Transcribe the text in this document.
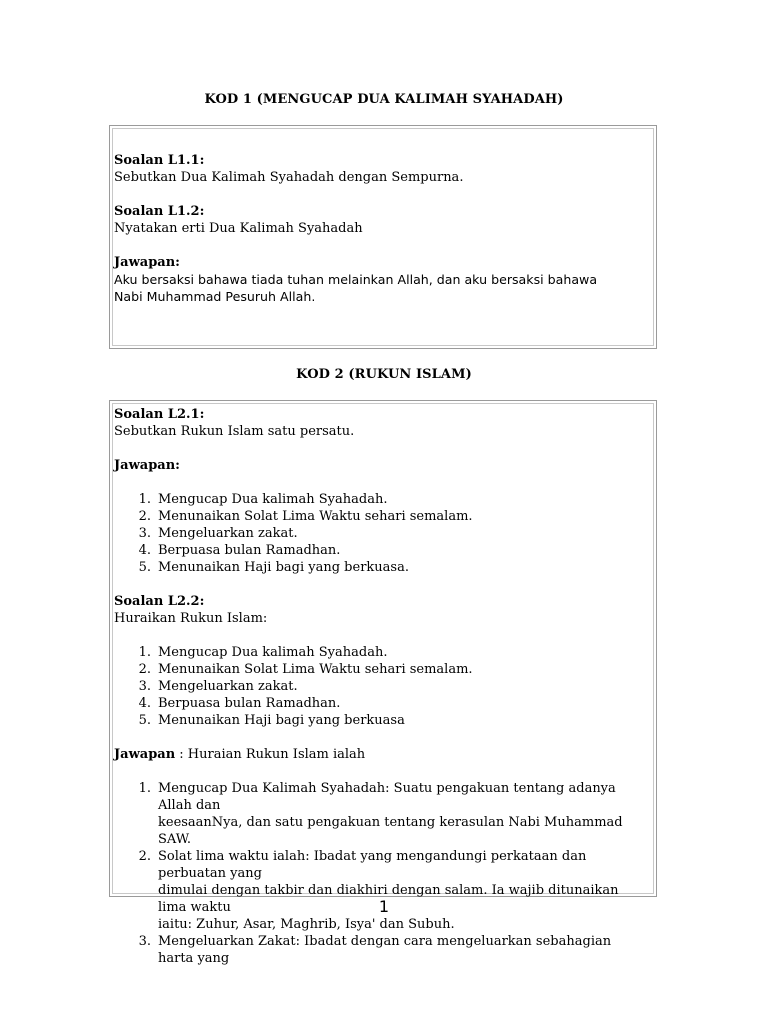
KOD 1 (MENGUCAP DUA KALIMAH SYAHADAH)
Soalan L1.1:
Sebutkan Dua Kalimah Syahadah dengan Sempurna.
Soalan L1.2:
Nyatakan erti Dua Kalimah Syahadah
Jawapan:
Aku bersaksi bahawa tiada tuhan melainkan Allah, dan aku bersaksi bahawa
Nabi Muhammad Pesuruh Allah.
KOD 2 (RUKUN ISLAM)
Soalan L2.1:
Sebutkan Rukun Islam satu persatu.
Jawapan:
1. Mengucap Dua kalimah Syahadah.
2. Menunaikan Solat Lima Waktu sehari semalam.
3. Mengeluarkan zakat.
4. Berpuasa bulan Ramadhan.
5. Menunaikan Haji bagi yang berkuasa.
Soalan L2.2:
Huraikan Rukun Islam:
1. Mengucap Dua kalimah Syahadah.
2. Menunaikan Solat Lima Waktu sehari semalam.
3. Mengeluarkan zakat.
4. Berpuasa bulan Ramadhan.
5. Menunaikan Haji bagi yang berkuasa
Jawapan : Huraian Rukun Islam ialah
1. Mengucap Dua Kalimah Syahadah: Suatu pengakuan tentang adanya Allah dan
keesaanNya, dan satu pengakuan tentang kerasulan Nabi Muhammad SAW.
2. Solat lima waktu ialah: Ibadat yang mengandungi perkataan dan perbuatan yang
dimulai dengan takbir dan diakhiri dengan salam. Ia wajib ditunaikan lima waktu
iaitu: Zuhur, Asar, Maghrib, Isya' dan Subuh.
3. Mengeluarkan Zakat: Ibadat dengan cara mengeluarkan sebahagian harta yang
1
